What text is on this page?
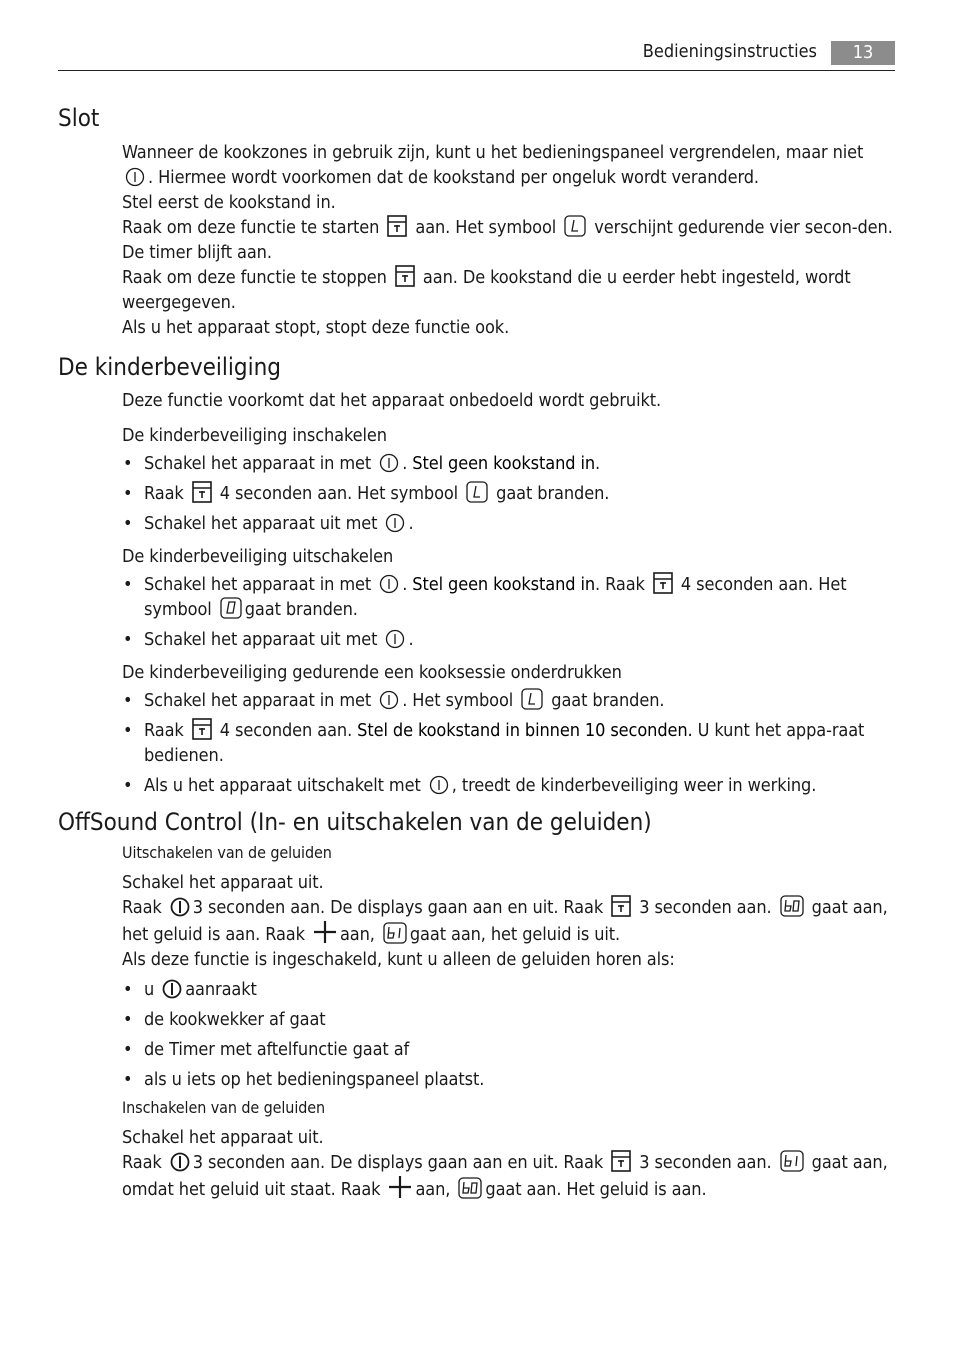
Bedieningsinstructies	13
Slot

Wanneer de kookzones in gebruik zijn, kunt u het bedieningspaneel vergrendelen, maar niet

. Hiermee wordt voorkomen dat de kookstand per ongeluk wordt veranderd.

Stel eerst de kookstand in.

Raak om deze functie te starten aan. Het symbool verschijnt gedurende vier secon-den.

De timer blijft aan.

Raak om deze functie te stoppen aan. De kookstand die u eerder hebt ingesteld, wordt weergegeven.

Als u het apparaat stopt, stopt deze functie ook.

De kinderbeveiliging

Deze functie voorkomt dat het apparaat onbedoeld wordt gebruikt.

De kinderbeveiliging inschakelen

• Schakel het apparaat in met . Stel geen kookstand in.
• Raak 4 seconden aan. Het symbool gaat branden.
• Schakel het apparaat uit met .

De kinderbeveiliging uitschakelen

• Schakel het apparaat in met . Stel geen kookstand in. Raak 4 seconden aan. Het symbool gaat branden.
• Schakel het apparaat uit met .

De kinderbeveiliging gedurende een kooksessie onderdrukken

• Schakel het apparaat in met . Het symbool gaat branden.
• Raak 4 seconden aan. Stel de kookstand in binnen 10 seconden. U kunt het appa-raat bedienen.
• Als u het apparaat uitschakelt met , treedt de kinderbeveiliging weer in werking.
OffSound Control (In- en uitschakelen van de geluiden)

Uitschakelen van de geluiden

Schakel het apparaat uit.

Raak 3 seconden aan. De displays gaan aan en uit. Raak 3 seconden aan. gaat aan, het geluid is aan. Raak aan, gaat aan, het geluid is uit.

Als deze functie is ingeschakeld, kunt u alleen de geluiden horen als:

• u aanraakt
• de kookwekker af gaat
• de Timer met aftelfunctie gaat af
• als u iets op het bedieningspaneel plaatst.

Inschakelen van de geluiden

Schakel het apparaat uit.

Raak 3 seconden aan. De displays gaan aan en uit. Raak 3 seconden aan. gaat aan, omdat het geluid uit staat. Raak aan, gaat aan. Het geluid is aan.
